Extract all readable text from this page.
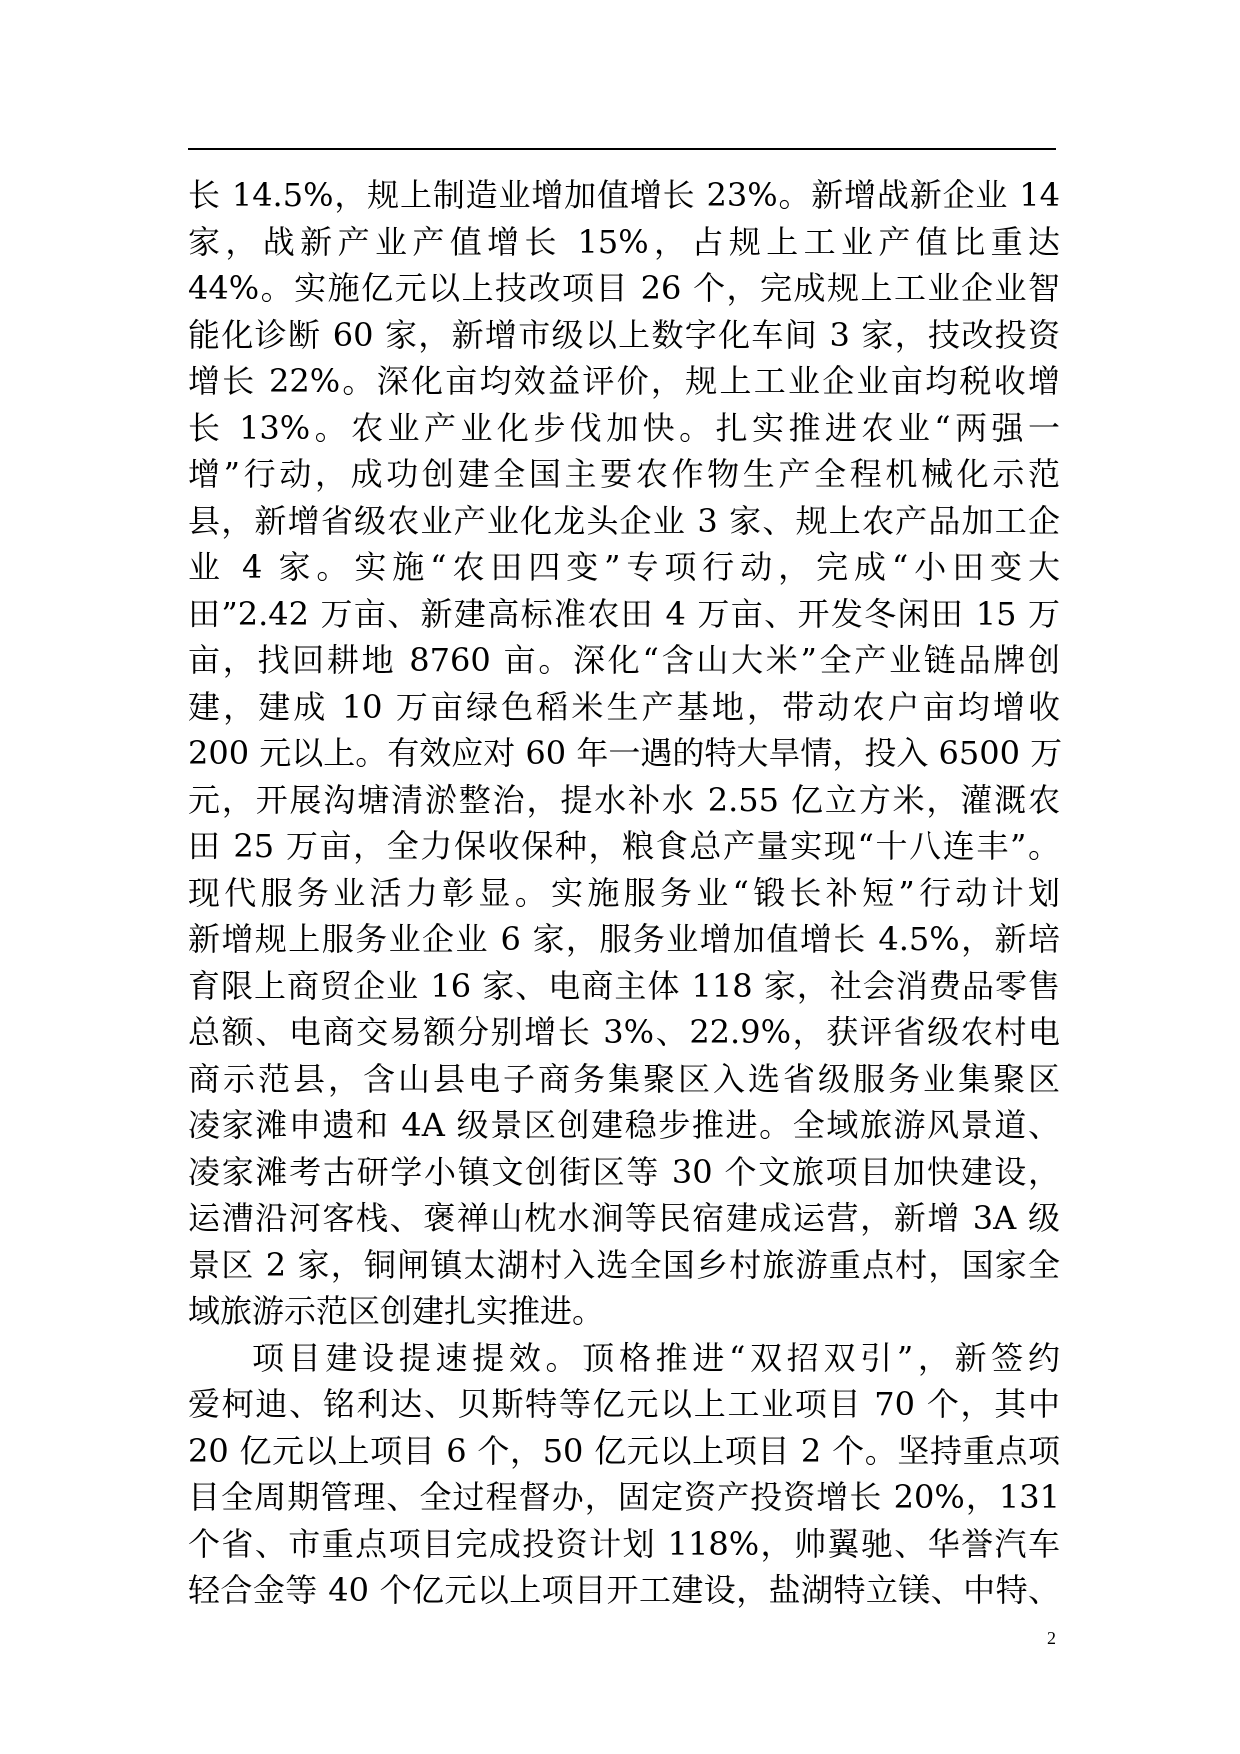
长 14.5%，规上制造业增加值增长 23%。新增战新企业 14
家，战新产业产值增长 15%，占规上工业产值比重达
44%。实施亿元以上技改项目 26 个，完成规上工业企业智
能化诊断 60 家，新增市级以上数字化车间 3 家，技改投资
增长 22%。深化亩均效益评价，规上工业企业亩均税收增
长 13%。农业产业化步伐加快。扎实推进农业“两强一
增”行动，成功创建全国主要农作物生产全程机械化示范
县，新增省级农业产业化龙头企业 3 家、规上农产品加工企
业 4 家。实施“农田四变”专项行动，完成“小田变大
田”2.42 万亩、新建高标准农田 4 万亩、开发冬闲田 15 万
亩，找回耕地 8760 亩。深化“含山大米”全产业链品牌创
建，建成 10 万亩绿色稻米生产基地，带动农户亩均增收
200 元以上。有效应对 60 年一遇的特大旱情，投入 6500 万
元，开展沟塘清淤整治，提水补水 2.55 亿立方米，灌溉农
田 25 万亩，全力保收保种，粮食总产量实现“十八连丰”。
现代服务业活力彰显。实施服务业“锻长补短”行动计划
新增规上服务业企业 6 家，服务业增加值增长 4.5%，新培
育限上商贸企业 16 家、电商主体 118 家，社会消费品零售
总额、电商交易额分别增长 3%、22.9%，获评省级农村电
商示范县，含山县电子商务集聚区入选省级服务业集聚区
凌家滩申遗和 4A 级景区创建稳步推进。全域旅游风景道、
凌家滩考古研学小镇文创街区等 30 个文旅项目加快建设，
运漕沿河客栈、褒禅山枕水涧等民宿建成运营，新增 3A 级
景区 2 家，铜闸镇太湖村入选全国乡村旅游重点村，国家全
域旅游示范区创建扎实推进。
项目建设提速提效。顶格推进“双招双引”，新签约
爱柯迪、铭利达、贝斯特等亿元以上工业项目 70 个，其中
20 亿元以上项目 6 个，50 亿元以上项目 2 个。坚持重点项
目全周期管理、全过程督办，固定资产投资增长 20%，131
个省、市重点项目完成投资计划 118%，帅翼驰、华誉汽车
轻合金等 40 个亿元以上项目开工建设，盐湖特立镁、中特、
2
